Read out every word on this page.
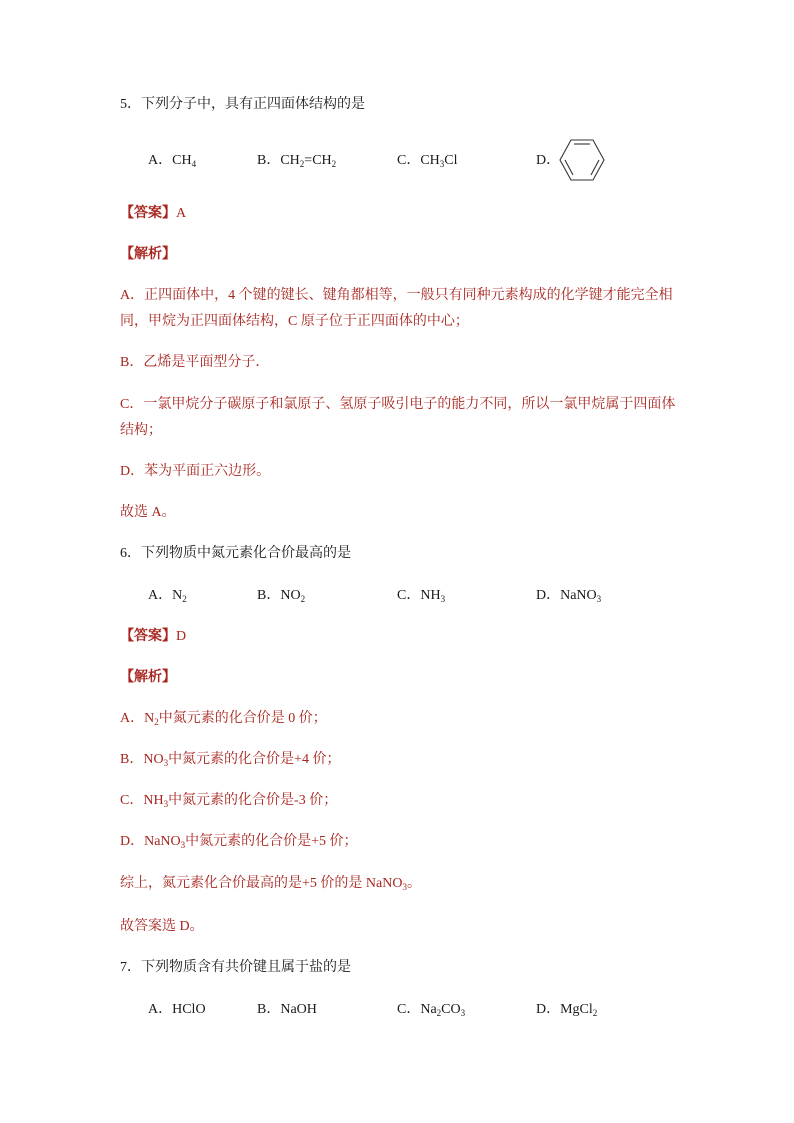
5．下列分子中，具有正四面体结构的是
A．$CH_4$	B．$CH_2=CH_2$	C．$CH_3Cl$	D．
【答案】A
【解析】
A．正四面体中，4 个键的键长、键角都相等，一般只有同种元素构成的化学键才能完全相
同，甲烷为正四面体结构，C 原子位于正四面体的中心；
B．乙烯是平面型分子．
C．一氯甲烷分子碳原子和氯原子、氢原子吸引电子的能力不同，所以一氯甲烷属于四面体
结构；
D．苯为平面正六边形。
故选 A。
6．下列物质中氮元素化合价最高的是
A．$N_2$	B．$NO_2$	C．$NH_3$	D．NaNO$_3$
【答案】D
【解析】
A．$N_2$中氮元素的化合价是 0 价；
B．$NO_3$中氮元素的化合价是+4 价；
C．$NH_3$中氮元素的化合价是-3 价；
D．NaNO$_3$中氮元素的化合价是+5 价；
综上，氮元素化合价最高的是+5 价的是 NaNO$_3$。
故答案选 D。
7．下列物质含有共价键且属于盐的是
A．HClO	B．NaOH	C．$Na_2CO_3$	D．MgCl$_2$
